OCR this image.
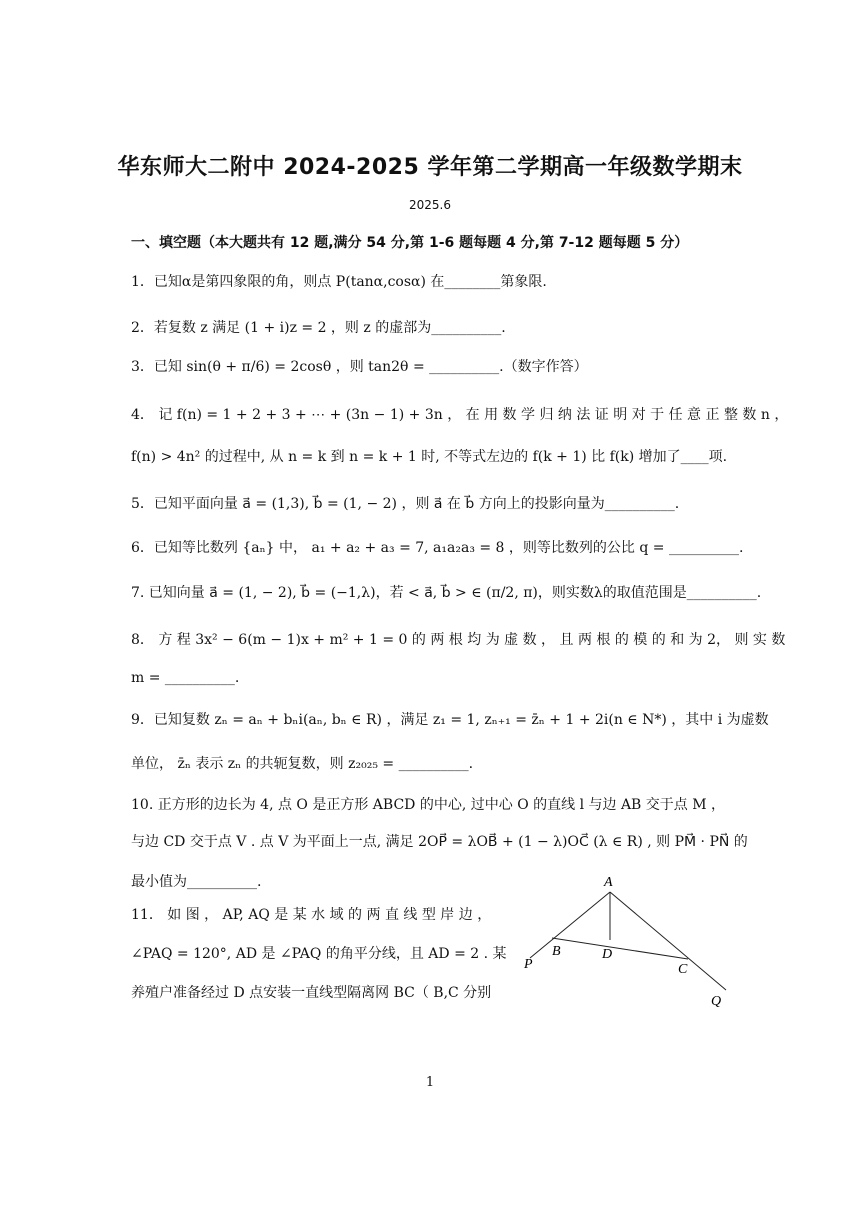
华东师大二附中 2024-2025 学年第二学期高一年级数学期末
2025.6
一、填空题（本大题共有 12 题,满分 54 分,第 1-6 题每题 4 分,第 7-12 题每题 5 分）
1．已知α是第四象限的角，则点 P(tanα,cosα) 在________第象限.
2．若复数 z 满足 (1 + i)z = 2 ，则 z 的虚部为__________.
3．已知 sin(θ + π/6) = 2cosθ ，则 tan2θ = __________.（数字作答）
4． 记 f(n) = 1 + 2 + 3 + ⋯ + (3n − 1) + 3n ， 在 用 数 学 归 纳 法 证 明 对 于 任 意 正 整 数 n ，
f(n) > 4n² 的过程中, 从 n = k 到 n = k + 1 时, 不等式左边的 f(k + 1) 比 f(k) 增加了____项.
5．已知平面向量 a⃗ = (1,3), b⃗ = (1, − 2) ，则 a⃗ 在 b⃗ 方向上的投影向量为__________.
6．已知等比数列 {aₙ} 中， a₁ + a₂ + a₃ = 7, a₁a₂a₃ = 8 ，则等比数列的公比 q = __________.
7. 已知向量 a⃗ = (1, − 2), b⃗ = (−1,λ)，若 < a⃗, b⃗ > ∈ (π/2, π)，则实数λ的取值范围是__________.
8． 方 程 3x² − 6(m − 1)x + m² + 1 = 0 的 两 根 均 为 虚 数 ， 且 两 根 的 模 的 和 为 2， 则 实 数
m = __________.
9．已知复数 zₙ = aₙ + bₙi(aₙ, bₙ ∈ R) ，满足 z₁ = 1, zₙ₊₁ = z̄ₙ + 1 + 2i(n ∈ N*) ，其中 i 为虚数
单位， z̄ₙ 表示 zₙ 的共轭复数，则 z₂₀₂₅ = __________.
10. 正方形的边长为 4, 点 O 是正方形 ABCD 的中心, 过中心 O 的直线 l 与边 AB 交于点 M ，
与边 CD 交于点 V . 点 V 为平面上一点, 满足 2OP⃗ = λOB⃗ + (1 − λ)OC⃗ (λ ∈ R) , 则 PM⃗ · PN⃗ 的
最小值为__________.
11． 如 图 ， AP, AQ 是 某 水 域 的 两 直 线 型 岸 边 ，
∠PAQ = 120°, AD 是 ∠PAQ 的角平分线，且 AD = 2 . 某
养殖户准备经过 D 点安装一直线型隔离网 BC（ B,C 分别
A
B	D
C
P
Q
1
